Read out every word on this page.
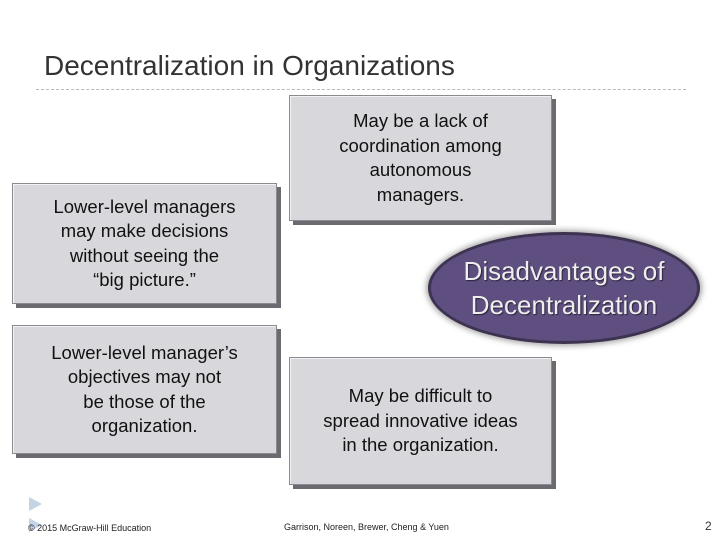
Decentralization in Organizations
May be a lack of
coordination among
autonomous
managers.
Lower-level managers
may make decisions
without seeing the
“big picture.”	Disadvantages of
Decentralization
Lower-level manager’s
objectives may not
be those of the
organization.
May be difficult to
spread innovative ideas
in the organization.
© 2015 McGraw-Hill Education	Garrison, Noreen, Brewer, Cheng & Yuen	2
